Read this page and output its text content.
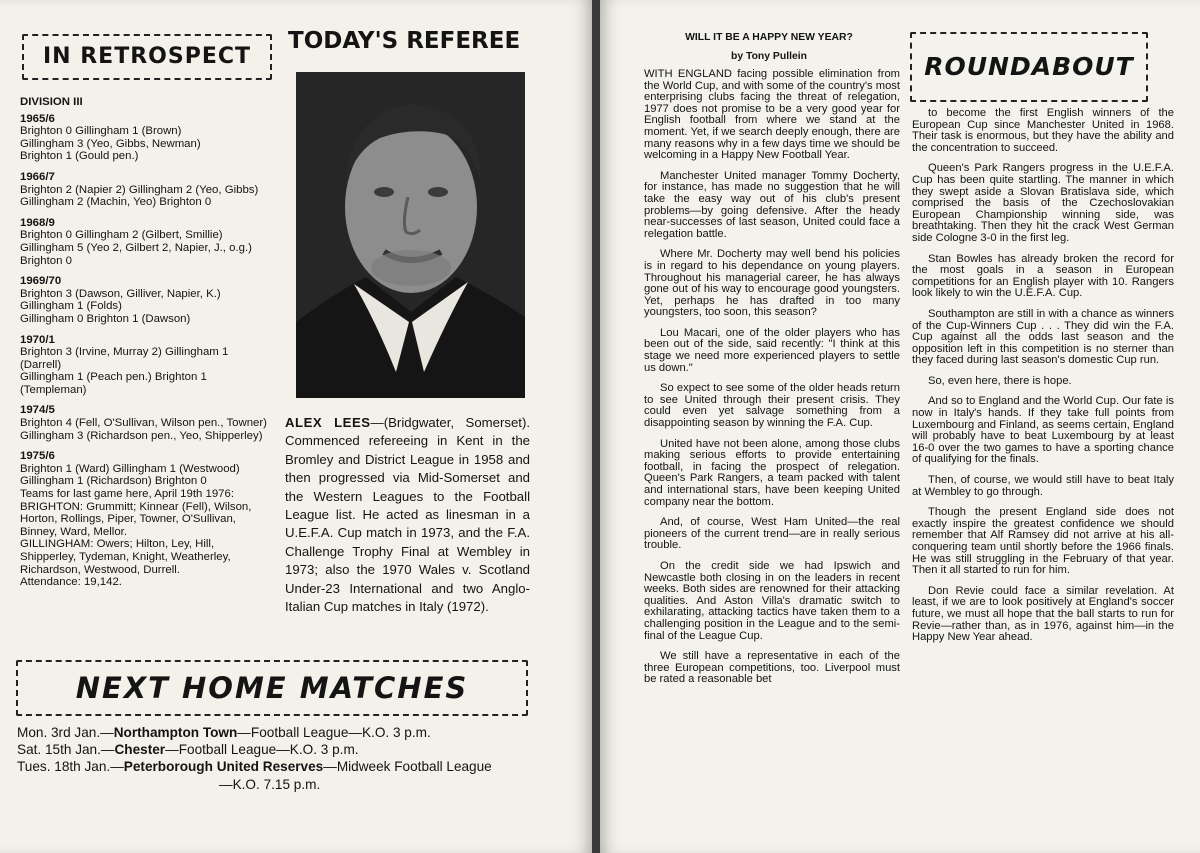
IN RETROSPECT
DIVISION III
1965/6
Brighton 0 Gillingham 1 (Brown)
Gillingham 3 (Yeo, Gibbs, Newman)
Brighton 1 (Gould pen.)
1966/7
Brighton 2 (Napier 2) Gillingham 2 (Yeo, Gibbs)
Gillingham 2 (Machin, Yeo) Brighton 0
1968/9
Brighton 0 Gillingham 2 (Gilbert, Smillie)
Gillingham 5 (Yeo 2, Gilbert 2, Napier, J., o.g.) Brighton 0
1969/70
Brighton 3 (Dawson, Gilliver, Napier, K.)
Gillingham 1 (Folds)
Gillingham 0 Brighton 1 (Dawson)
1970/1
Brighton 3 (Irvine, Murray 2) Gillingham 1 (Darrell)
Gillingham 1 (Peach pen.) Brighton 1 (Templeman)
1974/5
Brighton 4 (Fell, O'Sullivan, Wilson pen., Towner) Gillingham 3 (Richardson pen., Yeo, Shipperley)
1975/6
Brighton 1 (Ward) Gillingham 1 (Westwood)
Gillingham 1 (Richardson) Brighton 0
Teams for last game here, April 19th 1976:
BRIGHTON: Grummitt; Kinnear (Fell), Wilson, Horton, Rollings, Piper, Towner, O'Sullivan, Binney, Ward, Mellor.
GILLINGHAM: Owers; Hilton, Ley, Hill, Shipperley, Tydeman, Knight, Weatherley, Richardson, Westwood, Durrell.
Attendance: 19,142.
TODAY'S REFEREE
ALEX LEES—(Bridgwater, Somerset). Commenced refereeing in Kent in the Bromley and District League in 1958 and then progressed via Mid-Somerset and the Western Leagues to the Football League list. He acted as linesman in a U.E.F.A. Cup match in 1973, and the F.A. Challenge Trophy Final at Wembley in 1973; also the 1970 Wales v. Scotland Under-23 International and two Anglo-Italian Cup matches in Italy (1972).
NEXT HOME MATCHES
Mon. 3rd Jan.—Northampton Town—Football League—K.O. 3 p.m.
Sat. 15th Jan.—Chester—Football League—K.O. 3 p.m.
Tues. 18th Jan.—Peterborough United Reserves—Midweek Football League
—K.O. 7.15 p.m.
WILL IT BE A HAPPY NEW YEAR?
by Tony Pullein

WITH ENGLAND facing possible elimination from the World Cup, and with some of the country's most enterprising clubs facing the threat of relegation, 1977 does not promise to be a very good year for English football from where we stand at the moment. Yet, if we search deeply enough, there are many reasons why in a few days time we should be welcoming in a Happy New Football Year.

Manchester United manager Tommy Docherty, for instance, has made no suggestion that he will take the easy way out of his club's present problems—by going defensive. After the heady near-successes of last season, United could face a relegation battle.

Where Mr. Docherty may well bend his policies is in regard to his dependance on young players. Throughout his managerial career, he has always gone out of his way to encourage good youngsters. Yet, perhaps he has drafted in too many youngsters, too soon, this season?

Lou Macari, one of the older players who has been out of the side, said recently: "I think at this stage we need more experienced players to settle us down."

So expect to see some of the older heads return to see United through their present crisis. They could even yet salvage something from a disappointing season by winning the F.A. Cup.

United have not been alone, among those clubs making serious efforts to provide entertaining football, in facing the prospect of relegation. Queen's Park Rangers, a team packed with talent and international stars, have been keeping United company near the bottom.

And, of course, West Ham United—the real pioneers of the current trend—are in really serious trouble.

On the credit side we had Ipswich and Newcastle both closing in on the leaders in recent weeks. Both sides are renowned for their attacking qualities. And Aston Villa's dramatic switch to exhilarating, attacking tactics have taken them to a challenging position in the League and to the semi-final of the League Cup.

We still have a representative in each of the three European competitions, too. Liverpool must be rated a reasonable bet

ROUNDABOUT

to become the first English winners of the European Cup since Manchester United in 1968. Their task is enormous, but they have the ability and the concentration to succeed.

Queen's Park Rangers progress in the U.E.F.A. Cup has been quite startling. The manner in which they swept aside a Slovan Bratislava side, which comprised the basis of the Czechoslovakian European Championship winning side, was breathtaking. Then they hit the crack West German side Cologne 3-0 in the first leg.

Stan Bowles has already broken the record for the most goals in a season in European competitions for an English player with 10. Rangers look likely to win the U.E.F.A. Cup.

Southampton are still in with a chance as winners of the Cup-Winners Cup . . . They did win the F.A. Cup against all the odds last season and the opposition left in this competition is no sterner than they faced during last season's domestic Cup run.

So, even here, there is hope.

And so to England and the World Cup. Our fate is now in Italy's hands. If they take full points from Luxembourg and Finland, as seems certain, England will probably have to beat Luxembourg by at least 16-0 over the two games to have a sporting chance of qualifying for the finals.

Then, of course, we would still have to beat Italy at Wembley to go through.

Though the present England side does not exactly inspire the greatest confidence we should remember that Alf Ramsey did not arrive at his all-conquering team until shortly before the 1966 finals. He was still struggling in the February of that year. Then it all started to run for him.

Don Revie could face a similar revelation. At least, if we are to look positively at England's soccer future, we must all hope that the ball starts to run for Revie—rather than, as in 1976, against him—in the Happy New Year ahead.
